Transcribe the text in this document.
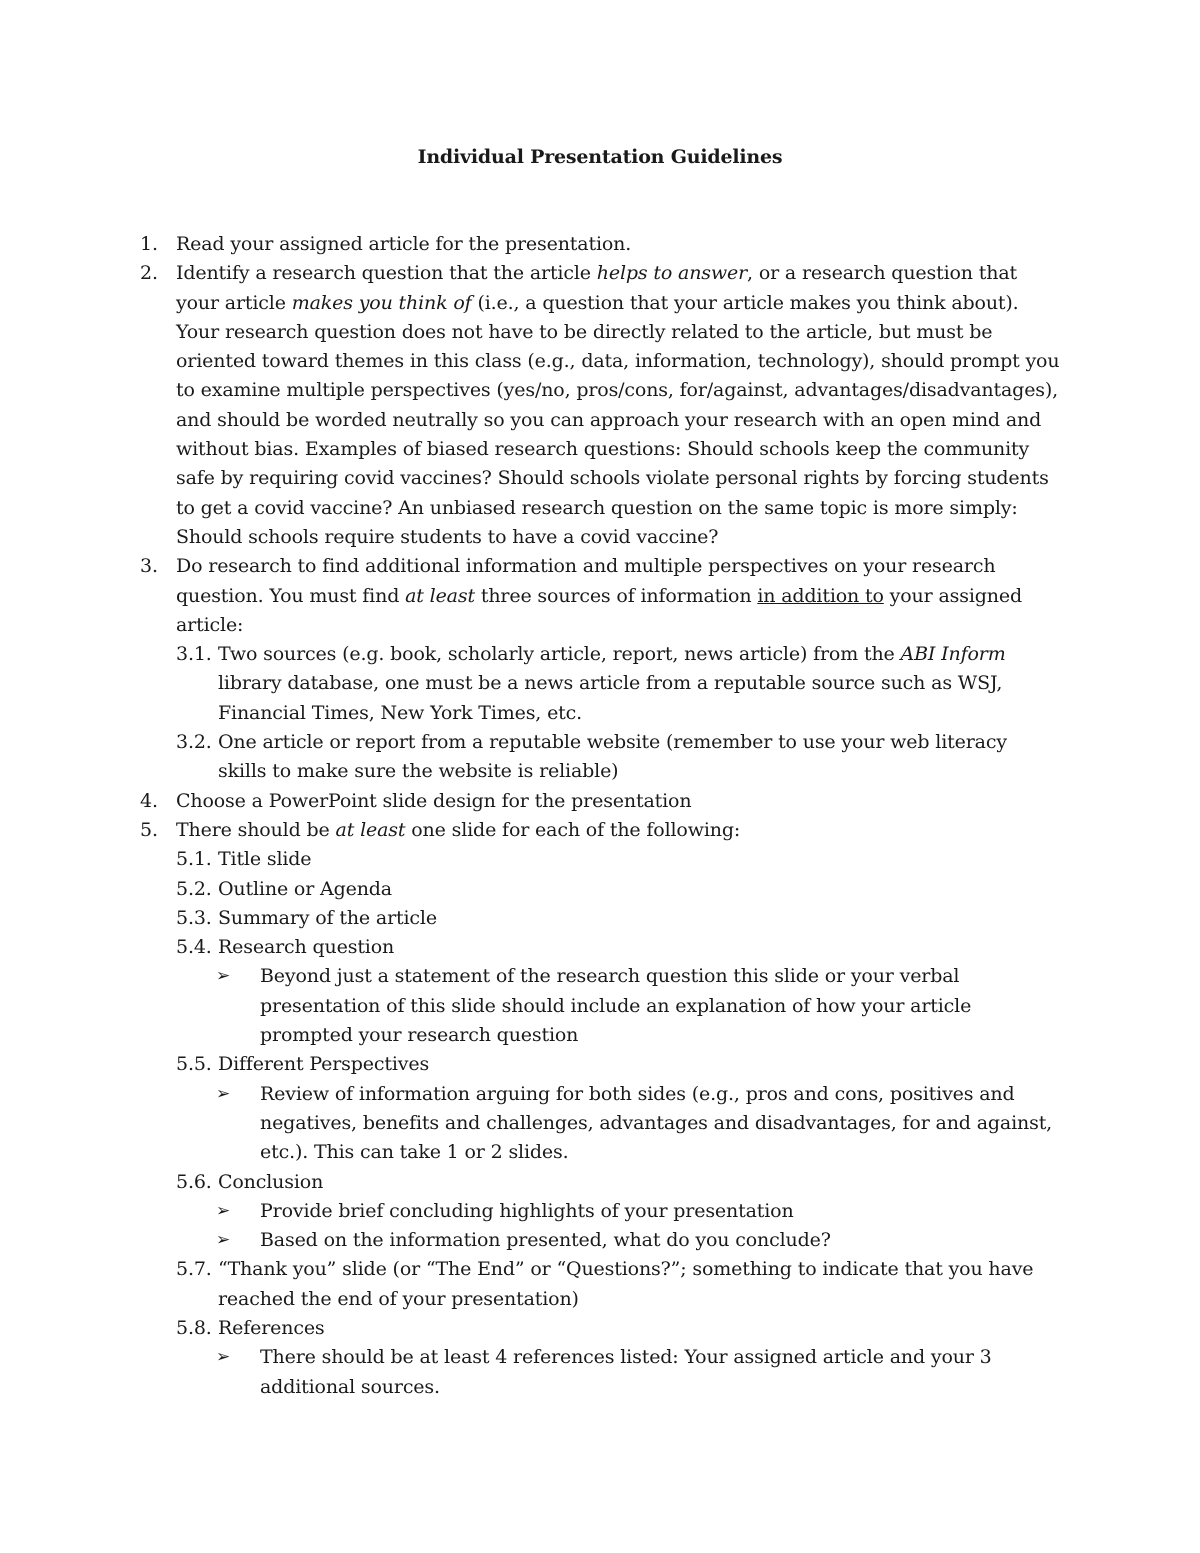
Individual Presentation Guidelines
1. Read your assigned article for the presentation.
2. Identify a research question that the article helps to answer, or a research question that your article makes you think of (i.e., a question that your article makes you think about). Your research question does not have to be directly related to the article, but must be oriented toward themes in this class (e.g., data, information, technology), should prompt you to examine multiple perspectives (yes/no, pros/cons, for/against, advantages/disadvantages), and should be worded neutrally so you can approach your research with an open mind and without bias. Examples of biased research questions: Should schools keep the community safe by requiring covid vaccines? Should schools violate personal rights by forcing students to get a covid vaccine? An unbiased research question on the same topic is more simply: Should schools require students to have a covid vaccine?
3. Do research to find additional information and multiple perspectives on your research question. You must find at least three sources of information in addition to your assigned article:
3.1. Two sources (e.g. book, scholarly article, report, news article) from the ABI Inform library database, one must be a news article from a reputable source such as WSJ, Financial Times, New York Times, etc.
3.2. One article or report from a reputable website (remember to use your web literacy skills to make sure the website is reliable)
4. Choose a PowerPoint slide design for the presentation
5. There should be at least one slide for each of the following:
5.1. Title slide
5.2. Outline or Agenda
5.3. Summary of the article
5.4. Research question
➢ Beyond just a statement of the research question this slide or your verbal presentation of this slide should include an explanation of how your article prompted your research question
5.5. Different Perspectives
➢ Review of information arguing for both sides (e.g., pros and cons, positives and negatives, benefits and challenges, advantages and disadvantages, for and against, etc.). This can take 1 or 2 slides.
5.6. Conclusion
➢ Provide brief concluding highlights of your presentation
➢ Based on the information presented, what do you conclude?
5.7. “Thank you” slide (or “The End” or “Questions?”; something to indicate that you have reached the end of your presentation)
5.8. References
➢ There should be at least 4 references listed: Your assigned article and your 3 additional sources.
